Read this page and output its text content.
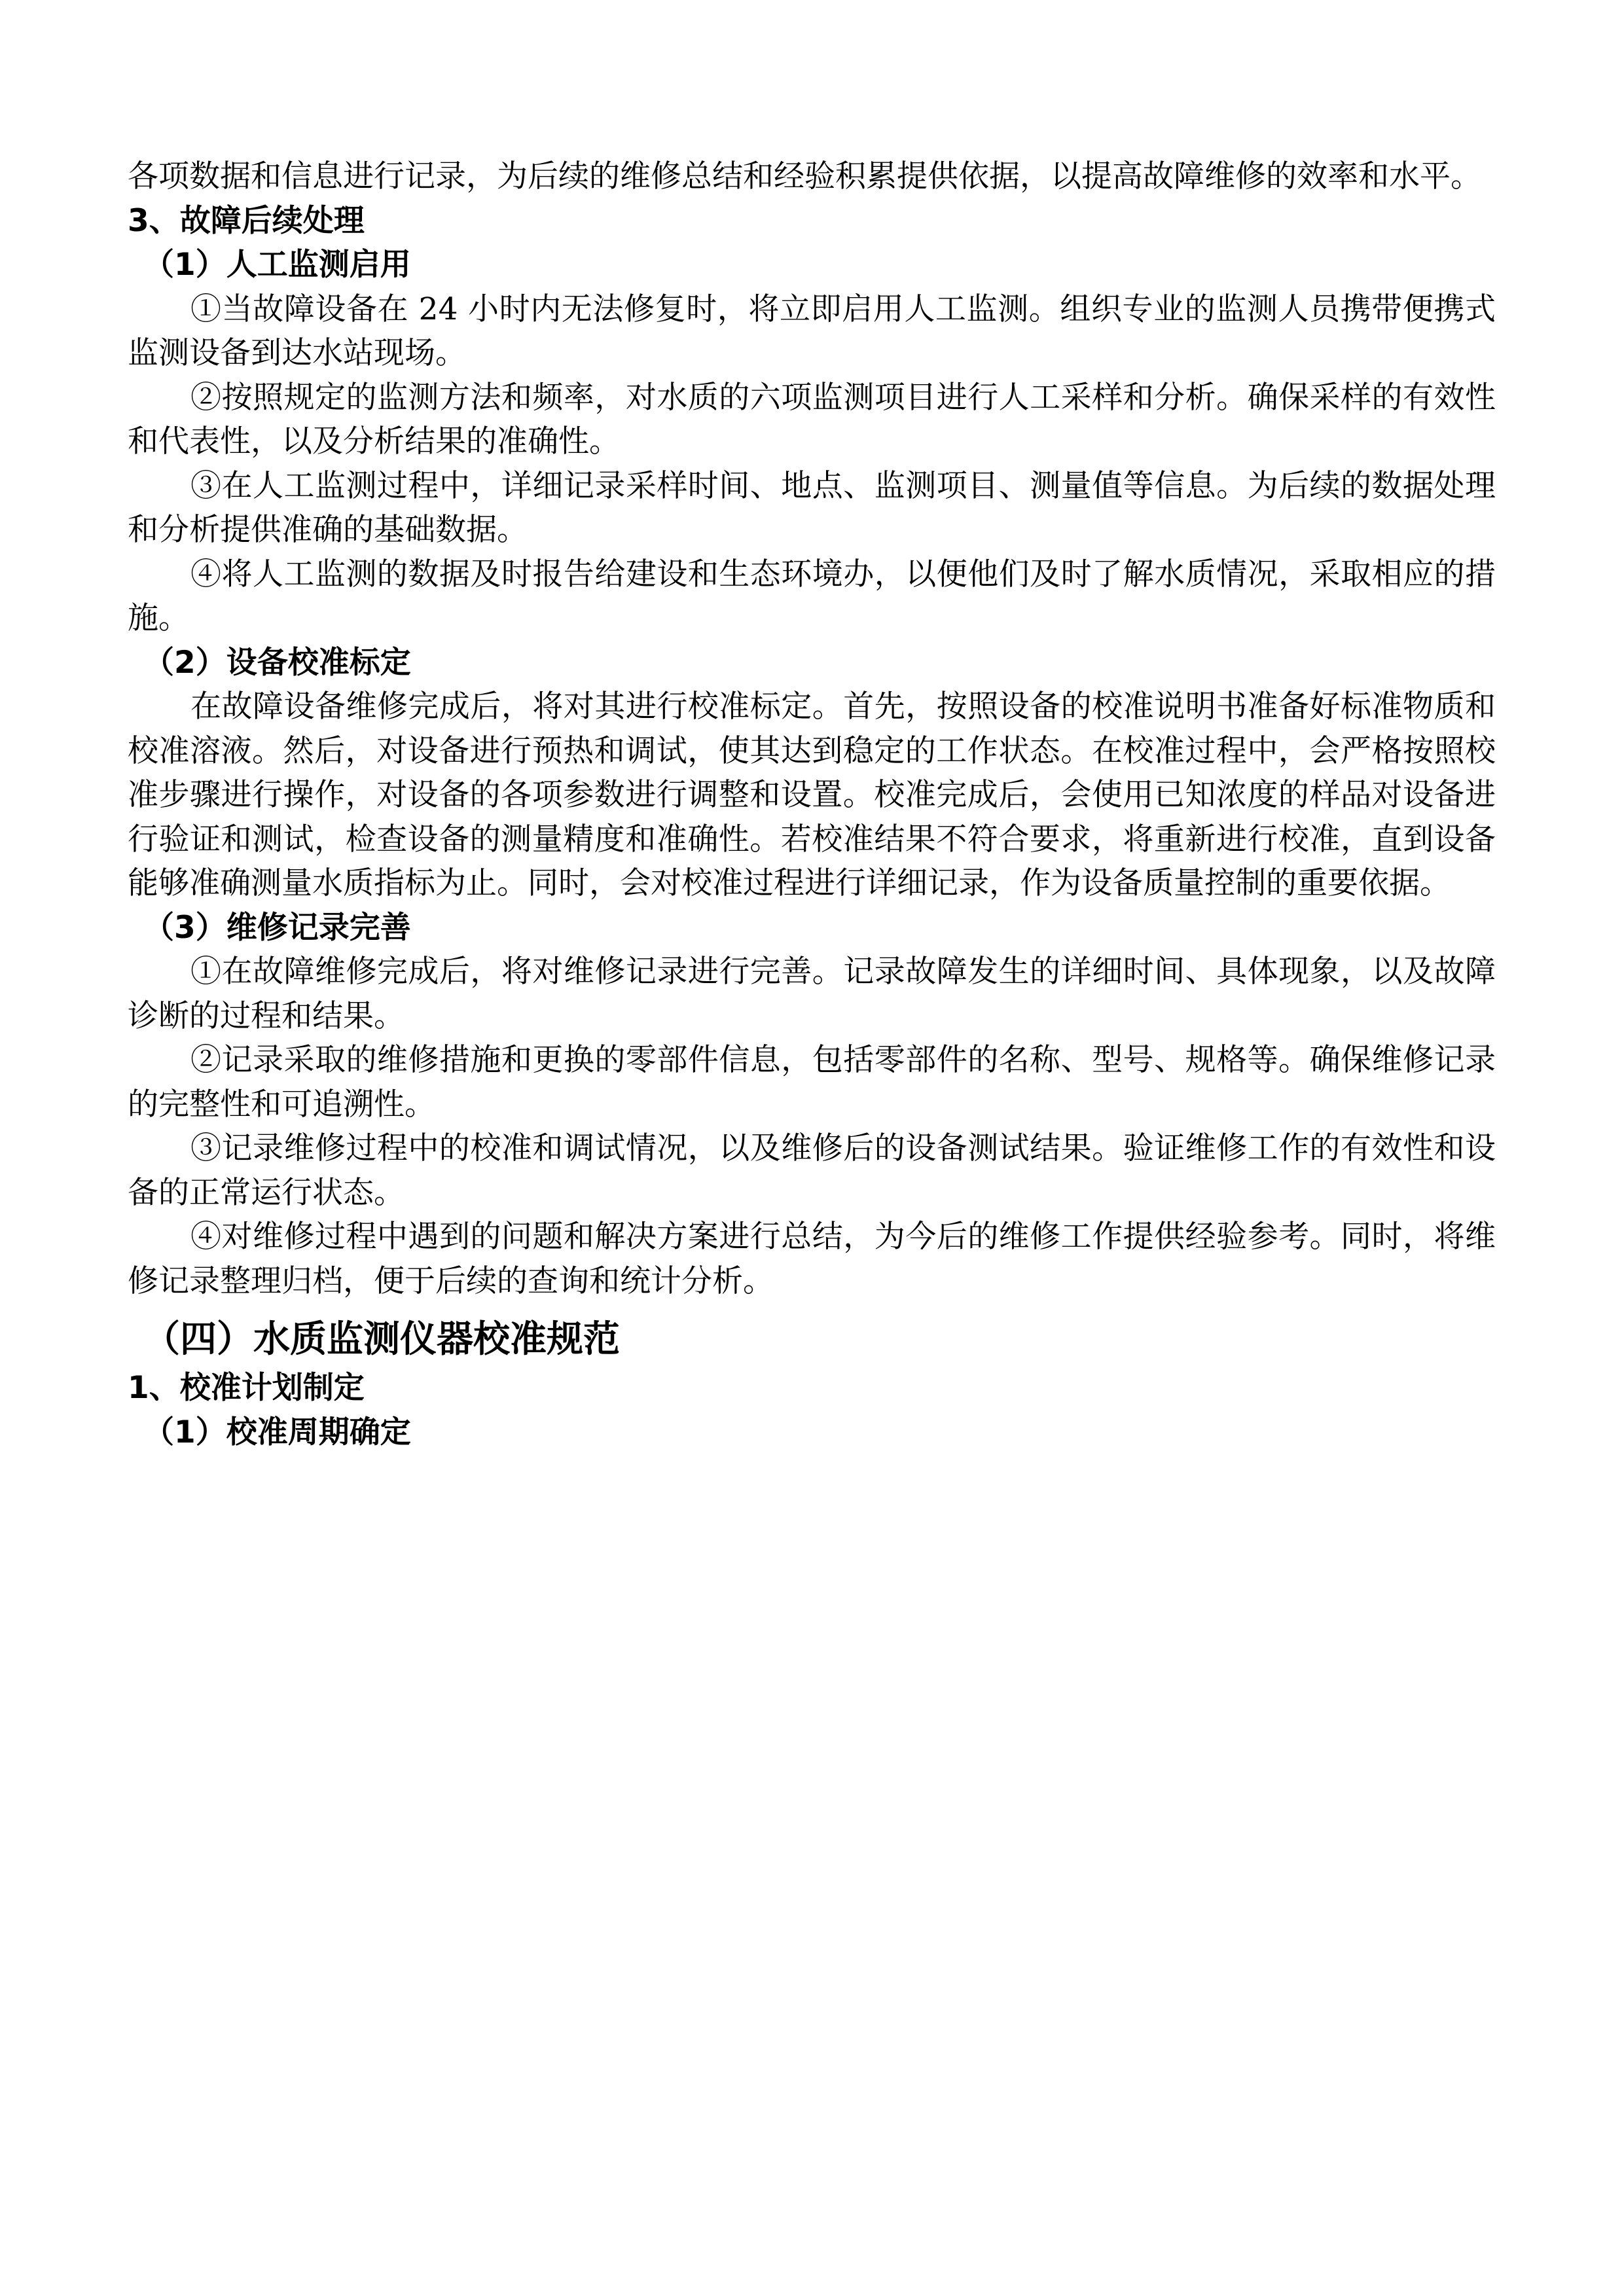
各项数据和信息进行记录，为后续的维修总结和经验积累提供依据，以提高故障维修的效率和水平。

3、故障后续处理
（1）人工监测启用

①当故障设备在 24 小时内无法修复时，将立即启用人工监测。组织专业的监测人员携带便携式监测设备到达水站现场。

②按照规定的监测方法和频率，对水质的六项监测项目进行人工采样和分析。确保采样的有效性和代表性，以及分析结果的准确性。

③在人工监测过程中，详细记录采样时间、地点、监测项目、测量值等信息。为后续的数据处理和分析提供准确的基础数据。

④将人工监测的数据及时报告给建设和生态环境办，以便他们及时了解水质情况，采取相应的措施。

（2）设备校准标定

在故障设备维修完成后，将对其进行校准标定。首先，按照设备的校准说明书准备好标准物质和校准溶液。然后，对设备进行预热和调试，使其达到稳定的工作状态。在校准过程中，会严格按照校准步骤进行操作，对设备的各项参数进行调整和设置。校准完成后，会使用已知浓度的样品对设备进行验证和测试，检查设备的测量精度和准确性。若校准结果不符合要求，将重新进行校准，直到设备能够准确测量水质指标为止。同时，会对校准过程进行详细记录，作为设备质量控制的重要依据。

（3）维修记录完善

①在故障维修完成后，将对维修记录进行完善。记录故障发生的详细时间、具体现象，以及故障诊断的过程和结果。

②记录采取的维修措施和更换的零部件信息，包括零部件的名称、型号、规格等。确保维修记录的完整性和可追溯性。

③记录维修过程中的校准和调试情况，以及维修后的设备测试结果。验证维修工作的有效性和设备的正常运行状态。

④对维修过程中遇到的问题和解决方案进行总结，为今后的维修工作提供经验参考。同时，将维修记录整理归档，便于后续的查询和统计分析。

（四）水质监测仪器校准规范
1、校准计划制定
（1）校准周期确定
